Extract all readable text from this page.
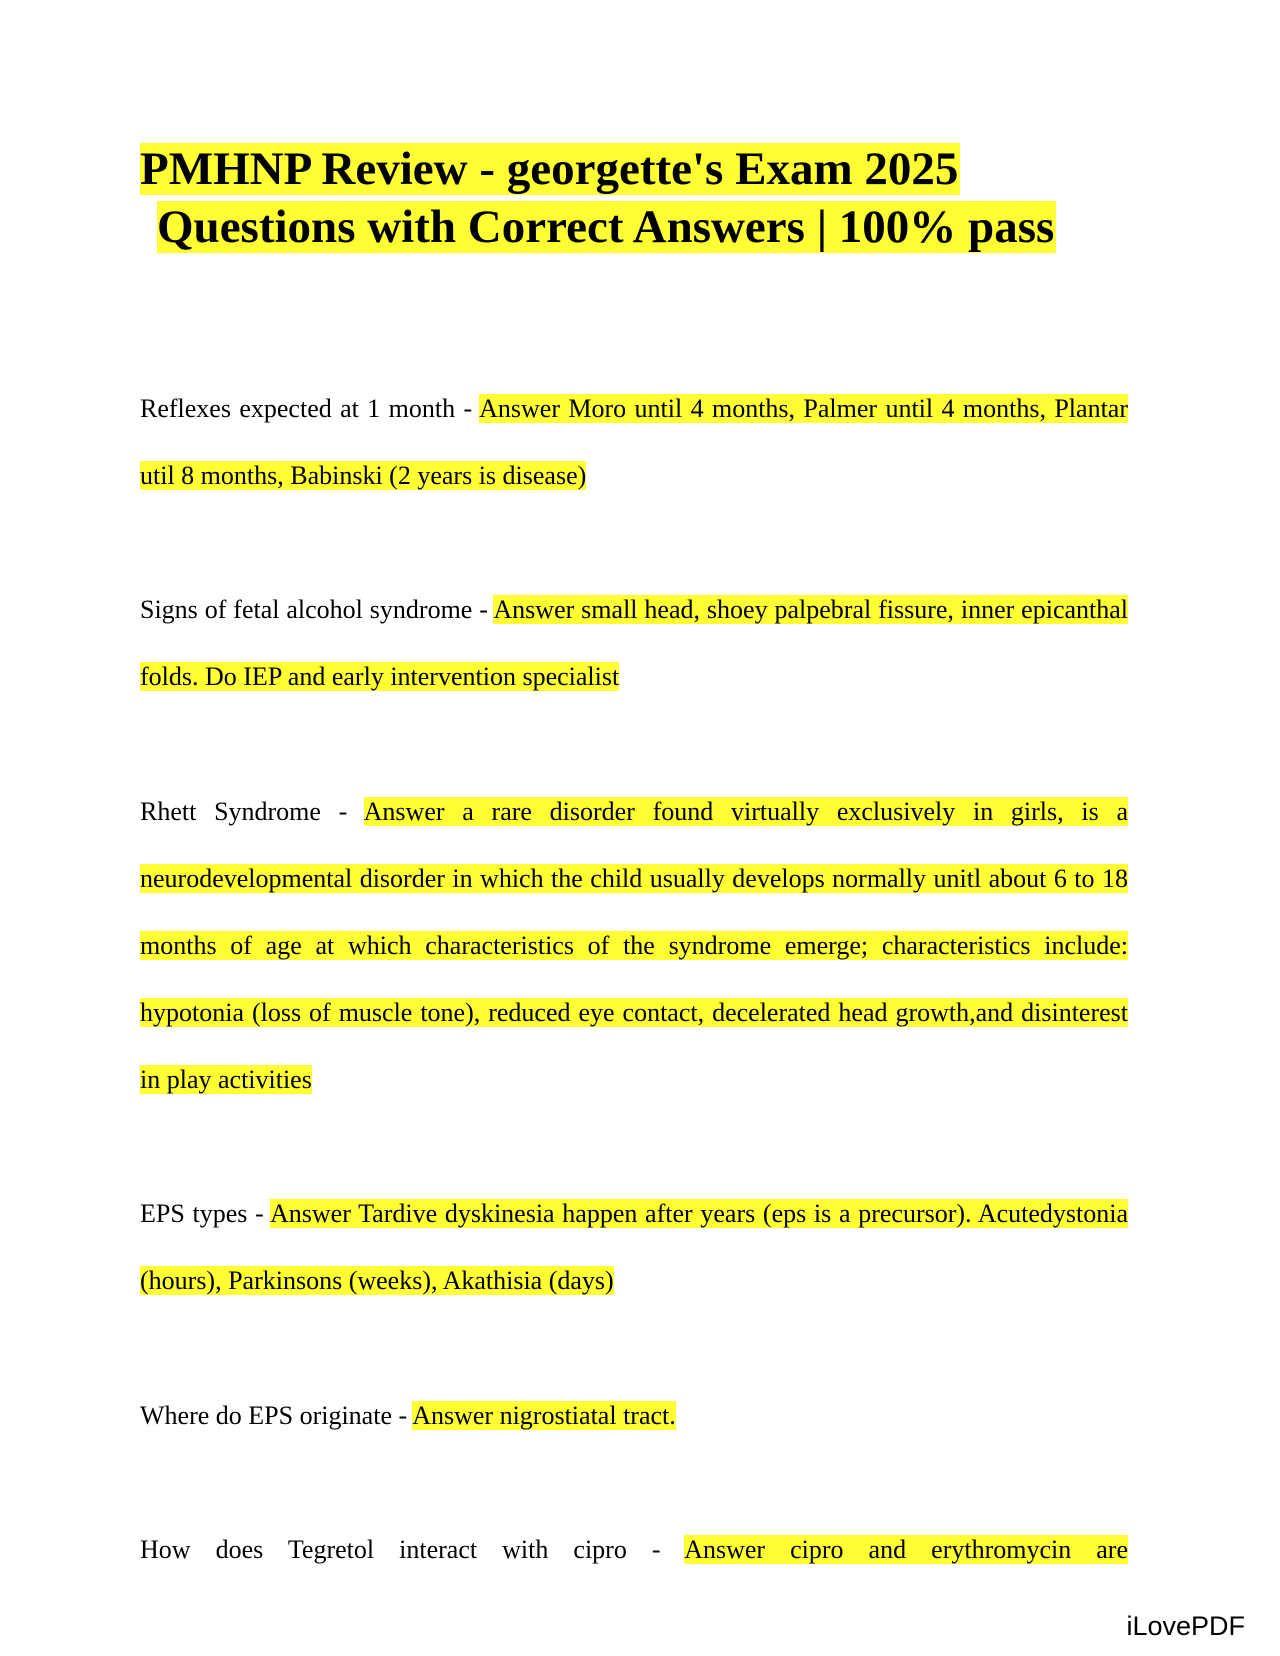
PMHNP Review - georgette's Exam 2025
Questions with Correct Answers | 100% pass

Reflexes expected at 1 month - Answer Moro until 4 months, Palmer until 4 months, Plantar util 8 months, Babinski (2 years is disease)

Signs of fetal alcohol syndrome - Answer small head, shoey palpebral fissure, inner epicanthal folds. Do IEP and early intervention specialist

Rhett Syndrome - Answer a rare disorder found virtually exclusively in girls, is a neurodevelopmental disorder in which the child usually develops normally unitl about 6 to 18 months of age at which characteristics of the syndrome emerge; characteristics include: hypotonia (loss of muscle tone), reduced eye contact, decelerated head growth,and disinterest in play activities

EPS types - Answer Tardive dyskinesia happen after years (eps is a precursor). Acutedystonia (hours), Parkinsons (weeks), Akathisia (days)

Where do EPS originate - Answer nigrostiatal tract.

How does Tegretol interact with cipro - Answer cipro and erythromycin are

iLovePDF
